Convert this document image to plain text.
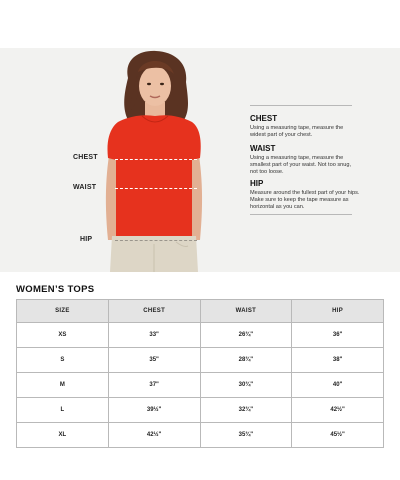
CHEST
WAIST
HIP

CHEST

Using a measuring tape, measure the widest part of your chest.

WAIST

Using a measuring tape, measure the smallest part of your waist. Not too snug, not too loose.

HIP

Measure around the fullest part of your hips. Make sure to keep the tape measure as horizontal as you can.

WOMEN’S TOPS
SIZE	CHEST	WAIST	HIP
XS	33"	26¾"	36"
S	35"	28¾"	38"
M	37"	30¾"	40"
L	39½"	32¾"	42½"
XL	42½"	35¾"	45½"
